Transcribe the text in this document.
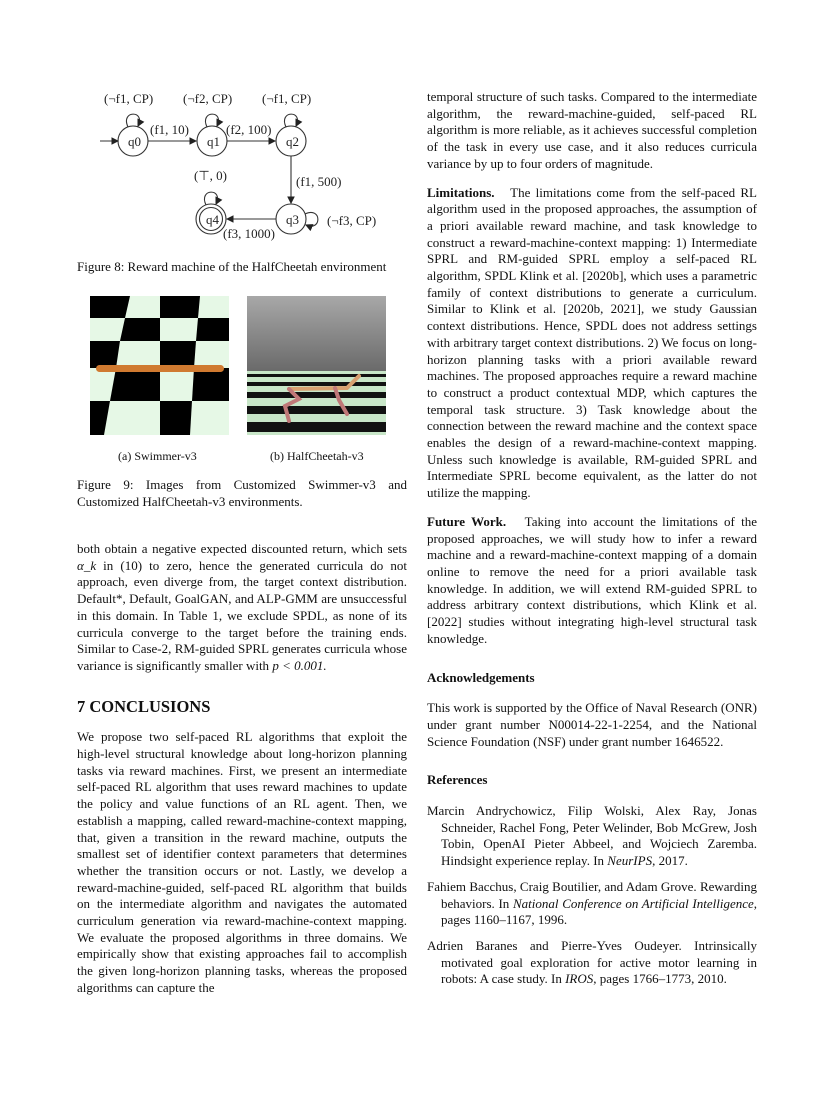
q0	q1	q2
q3
q4
(¬f1, CP) (¬f2, CP) (¬f1, CP)
(f1, 10)	(f2, 100)
(f1, 500)
(f3, 1000)
(¬f3, CP)
(⊤, 0)
Figure 8: Reward machine of the HalfCheetah environment
(a) Swimmer-v3	(b) HalfCheetah-v3
Figure 9: Images from Customized Swimmer-v3 and Customized HalfCheetah-v3 environments.

both obtain a negative expected discounted return, which sets α_k in (10) to zero, hence the generated curricula do not approach, even diverge from, the target context distribution. Default*, Default, GoalGAN, and ALP-GMM are unsuccessful in this domain. In Table 1, we exclude SPDL, as none of its curricula converge to the target before the training ends. Similar to Case-2, RM-guided SPRL generates curricula whose variance is significantly smaller with p < 0.001.

7 CONCLUSIONS

We propose two self-paced RL algorithms that exploit the high-level structural knowledge about long-horizon planning tasks via reward machines. First, we present an intermediate self-paced RL algorithm that uses reward machines to update the policy and value functions of an RL agent. Then, we establish a mapping, called reward-machine-context mapping, that, given a transition in the reward machine, outputs the smallest set of identifier context parameters that determines whether the transition occurs or not. Lastly, we develop a reward-machine-guided, self-paced RL algorithm that builds on the intermediate algorithm and navigates the automated curriculum generation via reward-machine-context mapping. We evaluate the proposed algorithms in three domains. We empirically show that existing approaches fail to accomplish the given long-horizon planning tasks, whereas the proposed algorithms can capture the

temporal structure of such tasks. Compared to the intermediate algorithm, the reward-machine-guided, self-paced RL algorithm is more reliable, as it achieves successful completion of the task in every use case, and it also reduces curricula variance by up to four orders of magnitude.

Limitations. The limitations come from the self-paced RL algorithm used in the proposed approaches, the assumption of a priori available reward machine, and task knowledge to construct a reward-machine-context mapping: 1) Intermediate SPRL and RM-guided SPRL employ a self-paced RL algorithm, SPDL Klink et al. [2020b], which uses a parametric family of context distributions to generate a curriculum. Similar to Klink et al. [2020b, 2021], we study Gaussian context distributions. Hence, SPDL does not address settings with arbitrary target context distributions. 2) We focus on long-horizon planning tasks with a priori available reward machines. The proposed approaches require a reward machine to construct a product contextual MDP, which captures the temporal task structure. 3) Task knowledge about the connection between the reward machine and the context space enables the design of a reward-machine-context mapping. Unless such knowledge is available, RM-guided SPRL and Intermediate SPRL become equivalent, as the latter do not utilize the mapping.

Future Work. Taking into account the limitations of the proposed approaches, we will study how to infer a reward machine and a reward-machine-context mapping of a domain online to remove the need for a priori available task knowledge. In addition, we will extend RM-guided SPRL to address arbitrary context distributions, which Klink et al. [2022] studies without integrating high-level structural task knowledge.

Acknowledgements

This work is supported by the Office of Naval Research (ONR) under grant number N00014-22-1-2254, and the National Science Foundation (NSF) under grant number 1646522.

References

Marcin Andrychowicz, Filip Wolski, Alex Ray, Jonas Schneider, Rachel Fong, Peter Welinder, Bob McGrew, Josh Tobin, OpenAI Pieter Abbeel, and Wojciech Zaremba. Hindsight experience replay. In NeurIPS, 2017.

Fahiem Bacchus, Craig Boutilier, and Adam Grove. Rewarding behaviors. In National Conference on Artificial Intelligence, pages 1160–1167, 1996.

Adrien Baranes and Pierre-Yves Oudeyer. Intrinsically motivated goal exploration for active motor learning in robots: A case study. In IROS, pages 1766–1773, 2010.
